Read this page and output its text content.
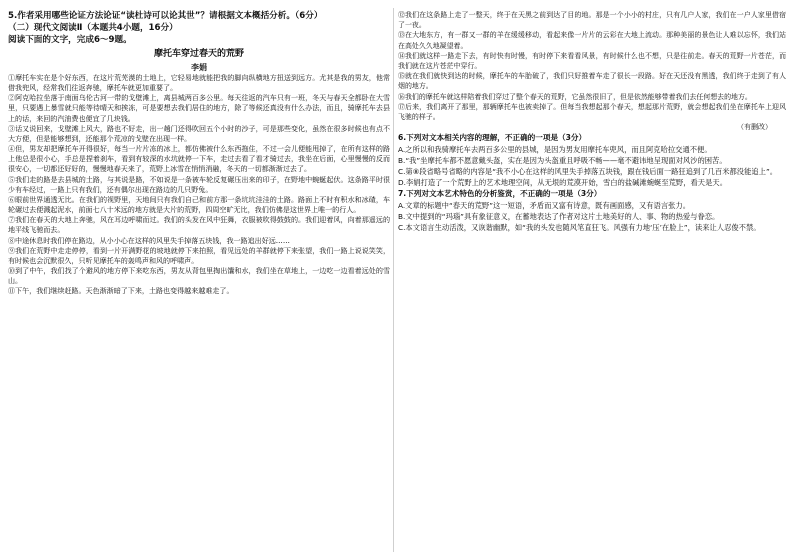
5.作者采用哪些论证方法论证“读杜诗可以论其世”？请根据文本概括分析。（6分）

（二）现代文阅读Ⅱ（本题共4小题，16分）

阅读下面的文字，完成6～9题。

摩托车穿过春天的荒野

李娟

①摩托车实在是个好东西，在这片荒芜漠的土地上，它轻易地就能把我的脚向纵横地方扭送到远方。尤其是我的男友，他常借我兜风，经常我们往返奔驰，摩托车就更加重要了。

②阿克哈拉坐落于南面乌伦古河一带的戈壁滩上，离县城两百多公里。每天往返的汽车只有一班，冬天与春天全都卧在大雪里，只要遇上暴雪就只能等待晴天和挨冻，可是要想去我们居住的地方，除了等候还真没有什么办法，而且，骑摩托车去县上的话，来回的汽油费也便宜了几块钱。

③话又说回来，戈壁滩上风大，路也不好走，出一趟门还得吹回五个小时的沙子，可是那些变化，虽然在很多时候也有点不大方便，但是能够想到，还能那个荒凉的戈壁在出现一样。

④但，男友却把摩托车开得很好，每当一片片冻的冰上，都仿佛被什么东西拖住，不过一会儿便能甩掉了，在所有这样的路上他总是很小心，手总是捏着刹车，看到有较深的水坑就停一下车，走过去看了看才骑过去，我坐在后面，心里慢慢的反而很安心，一切都还好好的，慢慢地春天来了，荒野上冰雪在悄悄消融，冬天的一切都渐渐过去了。

⑤我们走的路是去县城的土路，与其说是路，不如说是一条被车轮反复碾压出来的印子，在野地中蜿蜒起伏。这条路平时很少有车经过，一路上只有我们，还有偶尔出现在路边的几只野兔。

⑥眼前世界通透无比。在我们的视野里，天地间只有我们自己和前方那一条坑坑洼洼的土路。路面上不时有积水和冰碴，车轮碾过去便溅起泥水，前面七八十米远的地方就是大片的荒野，四周空旷无比，我们仿佛是这世界上唯一的行人。

⑦我们在春天的大地上奔驰，风在耳边呼啸而过。我们的头发在风中狂舞，衣服被吹得鼓鼓的。我们迎着风，向着那遥远的地平线飞驰而去。

⑧中途休息时我们停在路边，从小小心在这样的风里失手掉落五块钱，我一路追出好远……

⑨我们在荒野中走走停停，看到一片开满野花的坡地就停下来拍照，看见远处的羊群就停下来张望，我们一路上说说笑笑，有时候也会沉默很久，只听见摩托车的轰鸣声和风的呼啸声。

⑩到了中午，我们找了个避风的地方停下来吃东西，男友从背包里掏出馕和水，我们坐在草地上，一边吃一边看着远处的雪山。

⑪下午，我们继续赶路。天色渐渐暗了下来，土路也变得越来越难走了。

⑫我们在这条路上走了一整天，终于在天黑之前到达了目的地。那是一个小小的村庄，只有几户人家，我们在一户人家里借宿了一夜。

⑬在大地东方，有一群又一群的羊在缓缓移动，看起来像一片片的云彩在大地上流动。那种美丽的景色让人难以忘怀，我们站在高处久久地凝望着。

⑭我们就这样一路走下去，有时快有时慢，有时停下来看看风景，有时候什么也不想，只是往前走。春天的荒野一片苍茫，而我们就在这片苍茫中穿行。

⑮就在我们就快到达的时候，摩托车的车胎破了，我们只好推着车走了很长一段路。好在天还没有黑透，我们终于走到了有人烟的地方。

⑯我们的摩托车就这样陪着我们穿过了整个春天的荒野，它虽然很旧了，但是依然能够带着我们去任何想去的地方。

⑰后来，我们离开了那里，那辆摩托车也被卖掉了。但每当我想起那个春天，想起那片荒野，就会想起我们坐在摩托车上迎风飞驰的样子。

（有删改）

6.下列对文本相关内容的理解，不正确的一项是（3分）

A.之所以和我骑摩托车去两百多公里的县城，是因为男友用摩托车兜风，而且阿克哈拉交通不便。

B.“我”坐摩托车都不愿意戴头盔，实在是因为头盔重且呼吸不畅——毫不避讳地呈现面对风沙的困苦。

C.第⑧段省略号省略的内容是“我不小心在这样的风里失手掉落五块钱，跟在钱后面一路狂追到了几百米都没能追上”。

D.李娟打造了一个荒野上的艺术地理空间，从无垠的荒漠开始，雪白的盐碱滩蜿蜒至荒野，看天是天。

7.下列对文本艺术特色的分析鉴赏，不正确的一项是（3分）

A.文章的标题中“春天的荒野”这一短语，矛盾而又富有诗意，既有画面感，又有语言张力。

B.文中提到的“玛瑙”具有象征意义，在蓄地表达了作者对这片土地美好的人、事、物的热爱与眷恋。

C.本文语言生动活泼，又诙谐幽默，如“我的头发也随风笔直狂飞。风强有力地‘压’在脸上”，读来让人忍俊不禁。
